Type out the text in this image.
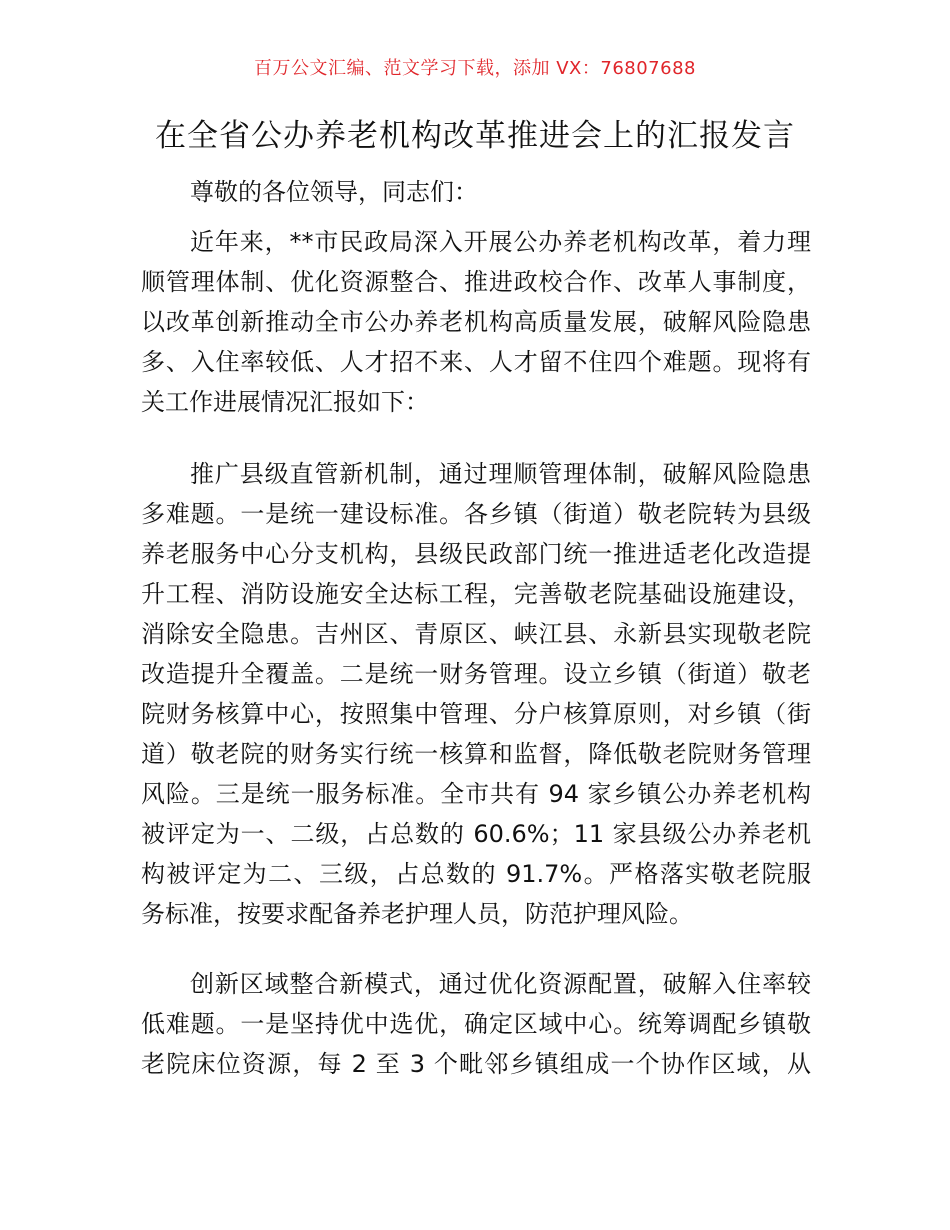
百万公文汇编、范文学习下载，添加 VX：76807688
在全省公办养老机构改革推进会上的汇报发言
尊敬的各位领导，同志们：
近年来，**市民政局深入开展公办养老机构改革，着力理
顺管理体制、优化资源整合、推进政校合作、改革人事制度，
以改革创新推动全市公办养老机构高质量发展，破解风险隐患
多、入住率较低、人才招不来、人才留不住四个难题。现将有
关工作进展情况汇报如下：
推广县级直管新机制，通过理顺管理体制，破解风险隐患
多难题。一是统一建设标准。各乡镇（街道）敬老院转为县级
养老服务中心分支机构，县级民政部门统一推进适老化改造提
升工程、消防设施安全达标工程，完善敬老院基础设施建设，
消除安全隐患。吉州区、青原区、峡江县、永新县实现敬老院
改造提升全覆盖。二是统一财务管理。设立乡镇（街道）敬老
院财务核算中心，按照集中管理、分户核算原则，对乡镇（街
道）敬老院的财务实行统一核算和监督，降低敬老院财务管理
风险。三是统一服务标准。全市共有 94 家乡镇公办养老机构
被评定为一、二级，占总数的 60.6%；11 家县级公办养老机
构被评定为二、三级，占总数的 91.7%。严格落实敬老院服
务标准，按要求配备养老护理人员，防范护理风险。
创新区域整合新模式，通过优化资源配置，破解入住率较
低难题。一是坚持优中选优，确定区域中心。统筹调配乡镇敬
老院床位资源，每 2 至 3 个毗邻乡镇组成一个协作区域，从
